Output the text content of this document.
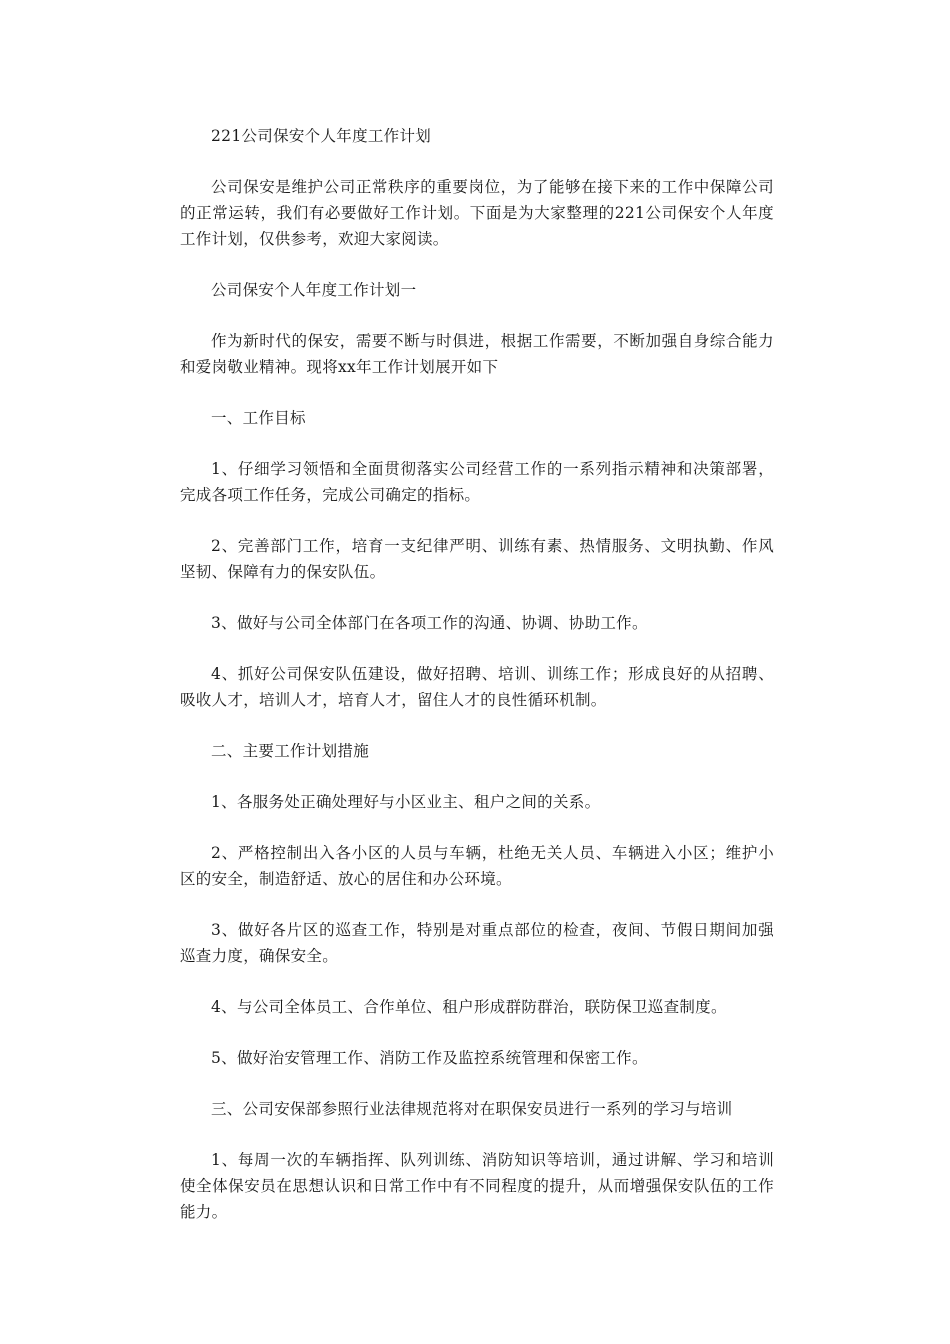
221公司保安个人年度工作计划

公司保安是维护公司正常秩序的重要岗位，为了能够在接下来的工作中保障公司的正常运转，我们有必要做好工作计划。下面是为大家整理的221公司保安个人年度工作计划，仅供参考，欢迎大家阅读。

公司保安个人年度工作计划一

作为新时代的保安，需要不断与时俱进，根据工作需要，不断加强自身综合能力和爱岗敬业精神。现将xx年工作计划展开如下

一、工作目标

1、仔细学习领悟和全面贯彻落实公司经营工作的一系列指示精神和决策部署，完成各项工作任务，完成公司确定的指标。

2、完善部门工作，培育一支纪律严明、训练有素、热情服务、文明执勤、作风坚韧、保障有力的保安队伍。

3、做好与公司全体部门在各项工作的沟通、协调、协助工作。

4、抓好公司保安队伍建设，做好招聘、培训、训练工作；形成良好的从招聘、吸收人才，培训人才，培育人才，留住人才的良性循环机制。

二、主要工作计划措施

1、各服务处正确处理好与小区业主、租户之间的关系。

2、严格控制出入各小区的人员与车辆，杜绝无关人员、车辆进入小区；维护小区的安全，制造舒适、放心的居住和办公环境。

3、做好各片区的巡查工作，特别是对重点部位的检查，夜间、节假日期间加强巡查力度，确保安全。

4、与公司全体员工、合作单位、租户形成群防群治，联防保卫巡查制度。

5、做好治安管理工作、消防工作及监控系统管理和保密工作。

三、公司安保部参照行业法律规范将对在职保安员进行一系列的学习与培训

1、每周一次的车辆指挥、队列训练、消防知识等培训，通过讲解、学习和培训使全体保安员在思想认识和日常工作中有不同程度的提升，从而增强保安队伍的工作能力。
